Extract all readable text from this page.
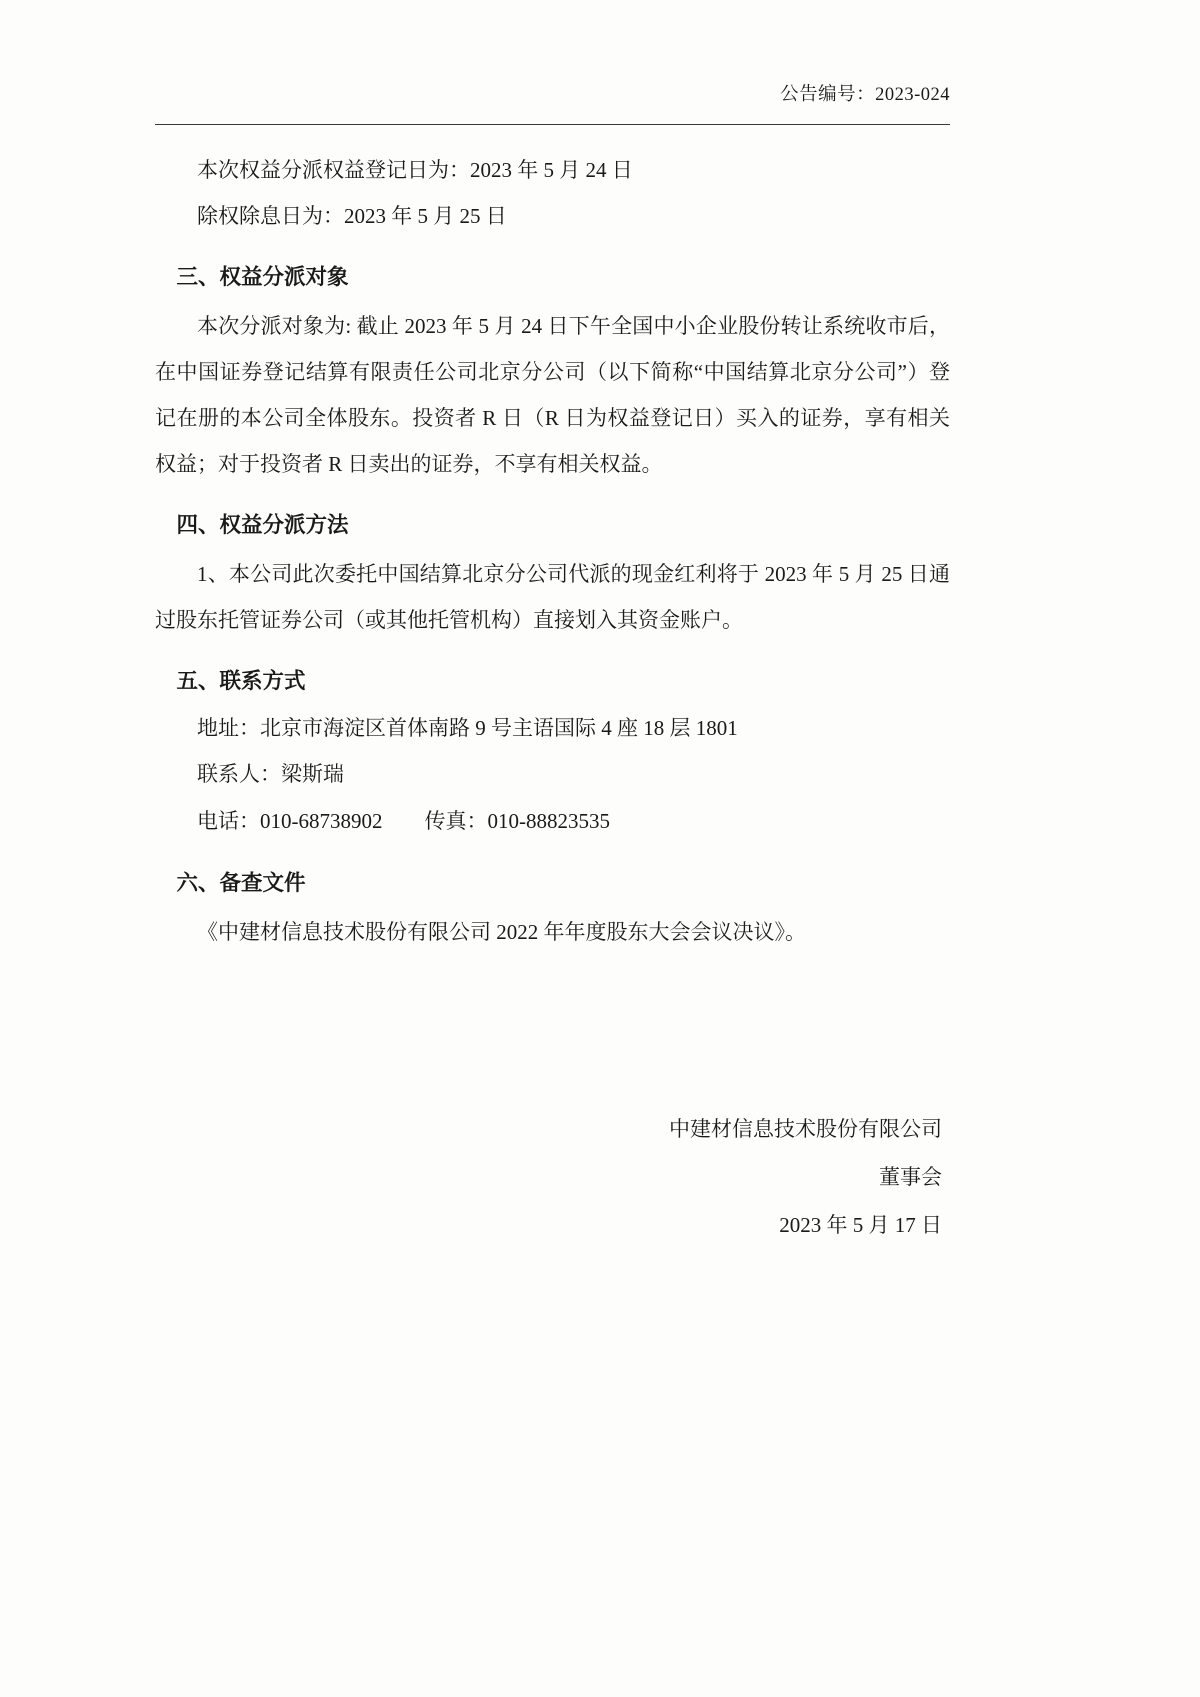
公告编号：2023-024

本次权益分派权益登记日为：2023 年 5 月 24 日

除权除息日为：2023 年 5 月 25 日

三、权益分派对象

本次分派对象为: 截止 2023 年 5 月 24 日下午全国中小企业股份转让系统收市后，在中国证券登记结算有限责任公司北京分公司（以下简称“中国结算北京分公司”）登记在册的本公司全体股东。投资者 R 日（R 日为权益登记日）买入的证券，享有相关权益；对于投资者 R 日卖出的证券，不享有相关权益。

四、权益分派方法

1、本公司此次委托中国结算北京分公司代派的现金红利将于 2023 年 5 月 25 日通过股东托管证券公司（或其他托管机构）直接划入其资金账户。

五、联系方式

地址：北京市海淀区首体南路 9 号主语国际 4 座 18 层 1801

联系人：梁斯瑞

电话：010-68738902 传真：010-88823535

六、备查文件

《中建材信息技术股份有限公司 2022 年年度股东大会会议决议》。

中建材信息技术股份有限公司
董事会
2023 年 5 月 17 日
